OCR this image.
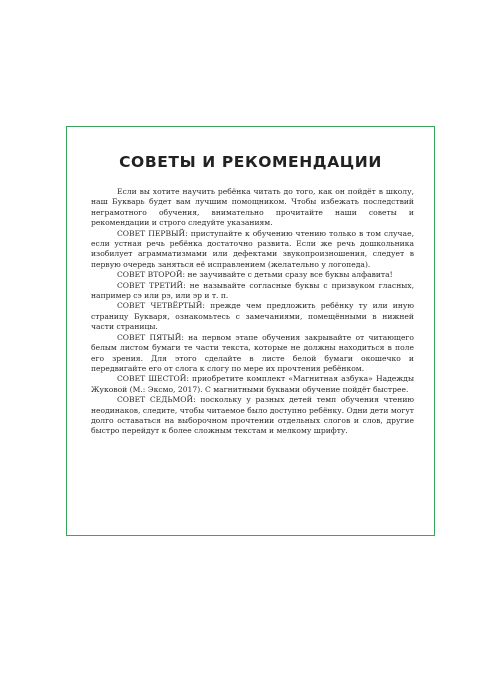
СОВЕТЫ И РЕКОМЕНДАЦИИ

Если вы хотите научить ребёнка читать до того, как он пойдёт в школу, наш Букварь будет вам лучшим помощником. Чтобы избежать последствий неграмотного обучения, внимательно прочитайте наши советы и рекомендации и строго следуйте указаниям.

СОВЕТ ПЕРВЫЙ: приступайте к обучению чтению только в том случае, если устная речь ребёнка достаточно развита. Если же речь дошкольника изобилует аграмматизмами или дефектами звукопроизношения, следует в первую очередь заняться её исправлением (желательно у логопеда).

СОВЕТ ВТОРОЙ: не заучивайте с детьми сразу все буквы алфавита!

СОВЕТ ТРЕТИЙ: не называйте согласные буквы с призвуком гласных, например сэ или рэ, или эр и т. п.

СОВЕТ ЧЕТВЁРТЫЙ: прежде чем предложить ребёнку ту или иную страницу Букваря, ознакомьтесь с замечаниями, помещёнными в нижней части страницы.

СОВЕТ ПЯТЫЙ: на первом этапе обучения закрывайте от читающего белым листом бумаги те части текста, которые не должны находиться в поле его зрения. Для этого сделайте в листе белой бумаги окошечко и передвигайте его от слога к слогу по мере их прочтения ребёнком.

СОВЕТ ШЕСТОЙ: приобретите комплект «Магнитная азбука» Надежды Жуковой (М.: Эксмо, 2017). С магнитными буквами обучение пойдёт быстрее.

СОВЕТ СЕДЬМОЙ: поскольку у разных детей темп обучения чтению неодинаков, следите, чтобы читаемое было доступно ребёнку. Одни дети могут долго оставаться на выборочном прочтении отдельных слогов и слов, другие быстро перейдут к более сложным текстам и мелкому шрифту.
